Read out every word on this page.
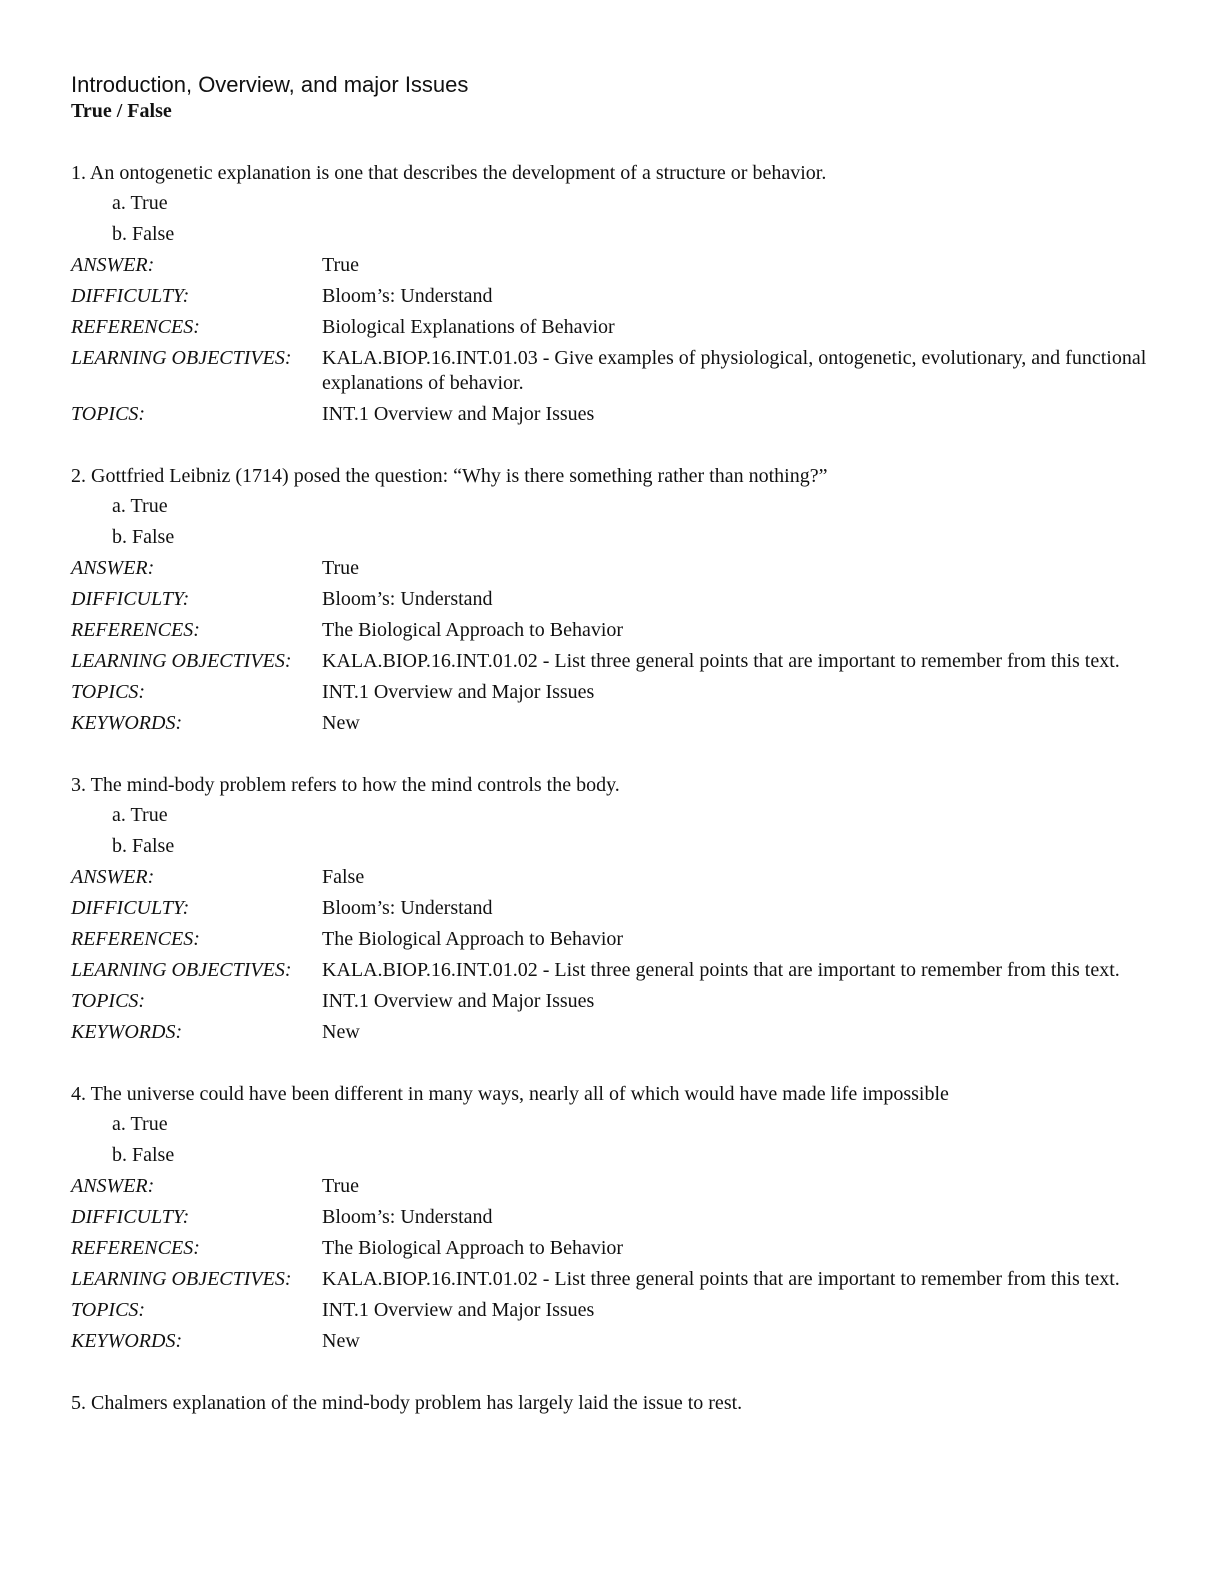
Introduction, Overview, and major Issues
True / False

1. An ontogenetic explanation is one that describes the development of a structure or behavior.

a. True
b. False
ANSWER:	True
DIFFICULTY:	Bloom’s: Understand
REFERENCES:	Biological Explanations of Behavior
LEARNING OBJECTIVES:	KALA.BIOP.16.INT.01.03 - Give examples of physiological, ontogenetic, evolutionary, and functional explanations of behavior.
TOPICS:	INT.1 Overview and Major Issues

2. Gottfried Leibniz (1714) posed the question: “Why is there something rather than nothing?”

a. True
b. False
ANSWER:	True
DIFFICULTY:	Bloom’s: Understand
REFERENCES:	The Biological Approach to Behavior
LEARNING OBJECTIVES:	KALA.BIOP.16.INT.01.02 - List three general points that are important to remember from this text.
TOPICS:	INT.1 Overview and Major Issues
KEYWORDS:	New

3. The mind-body problem refers to how the mind controls the body.

a. True
b. False
ANSWER:	False
DIFFICULTY:	Bloom’s: Understand
REFERENCES:	The Biological Approach to Behavior
LEARNING OBJECTIVES:	KALA.BIOP.16.INT.01.02 - List three general points that are important to remember from this text.
TOPICS:	INT.1 Overview and Major Issues
KEYWORDS:	New

4. The universe could have been different in many ways, nearly all of which would have made life impossible

a. True
b. False
ANSWER:	True
DIFFICULTY:	Bloom’s: Understand
REFERENCES:	The Biological Approach to Behavior
LEARNING OBJECTIVES:	KALA.BIOP.16.INT.01.02 - List three general points that are important to remember from this text.
TOPICS:	INT.1 Overview and Major Issues
KEYWORDS:	New

5. Chalmers explanation of the mind-body problem has largely laid the issue to rest.
